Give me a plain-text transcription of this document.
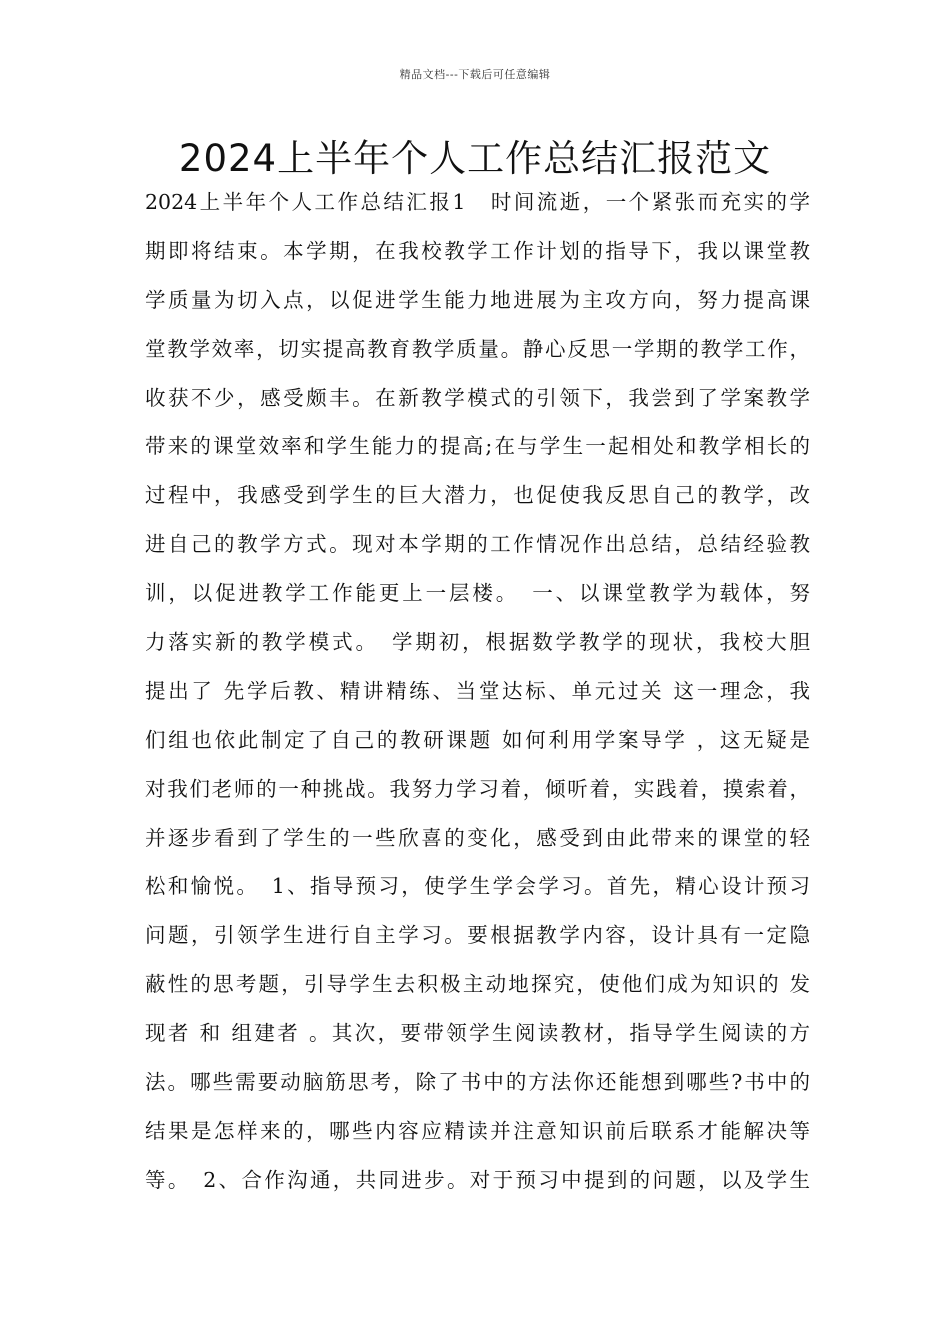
精品文档---下载后可任意编辑
2024上半年个人工作总结汇报范文
2024上半年个人工作总结汇报1　时间流逝，一个紧张而充实的学
期即将结束。本学期，在我校教学工作计划的指导下，我以课堂教
学质量为切入点，以促进学生能力地进展为主攻方向，努力提高课
堂教学效率，切实提高教育教学质量。静心反思一学期的教学工作，
收获不少，感受颇丰。在新教学模式的引领下，我尝到了学案教学
带来的课堂效率和学生能力的提高;在与学生一起相处和教学相长的
过程中，我感受到学生的巨大潜力，也促使我反思自己的教学，改
进自己的教学方式。现对本学期的工作情况作出总结，总结经验教
训，以促进教学工作能更上一层楼。　一、以课堂教学为载体，努
力落实新的教学模式。　学期初，根据数学教学的现状，我校大胆
提出了 先学后教、精讲精练、当堂达标、单元过关 这一理念，我
们组也依此制定了自己的教研课题 如何利用学案导学 ，这无疑是
对我们老师的一种挑战。我努力学习着，倾听着，实践着，摸索着，
并逐步看到了学生的一些欣喜的变化，感受到由此带来的课堂的轻
松和愉悦。　1、指导预习，使学生学会学习。首先，精心设计预习
问题，引领学生进行自主学习。要根据教学内容，设计具有一定隐
蔽性的思考题，引导学生去积极主动地探究，使他们成为知识的 发
现者 和 组建者 。其次，要带领学生阅读教材，指导学生阅读的方
法。哪些需要动脑筋思考，除了书中的方法你还能想到哪些?书中的
结果是怎样来的，哪些内容应精读并注意知识前后联系才能解决等
等。　2、合作沟通，共同进步。对于预习中提到的问题，以及学生
